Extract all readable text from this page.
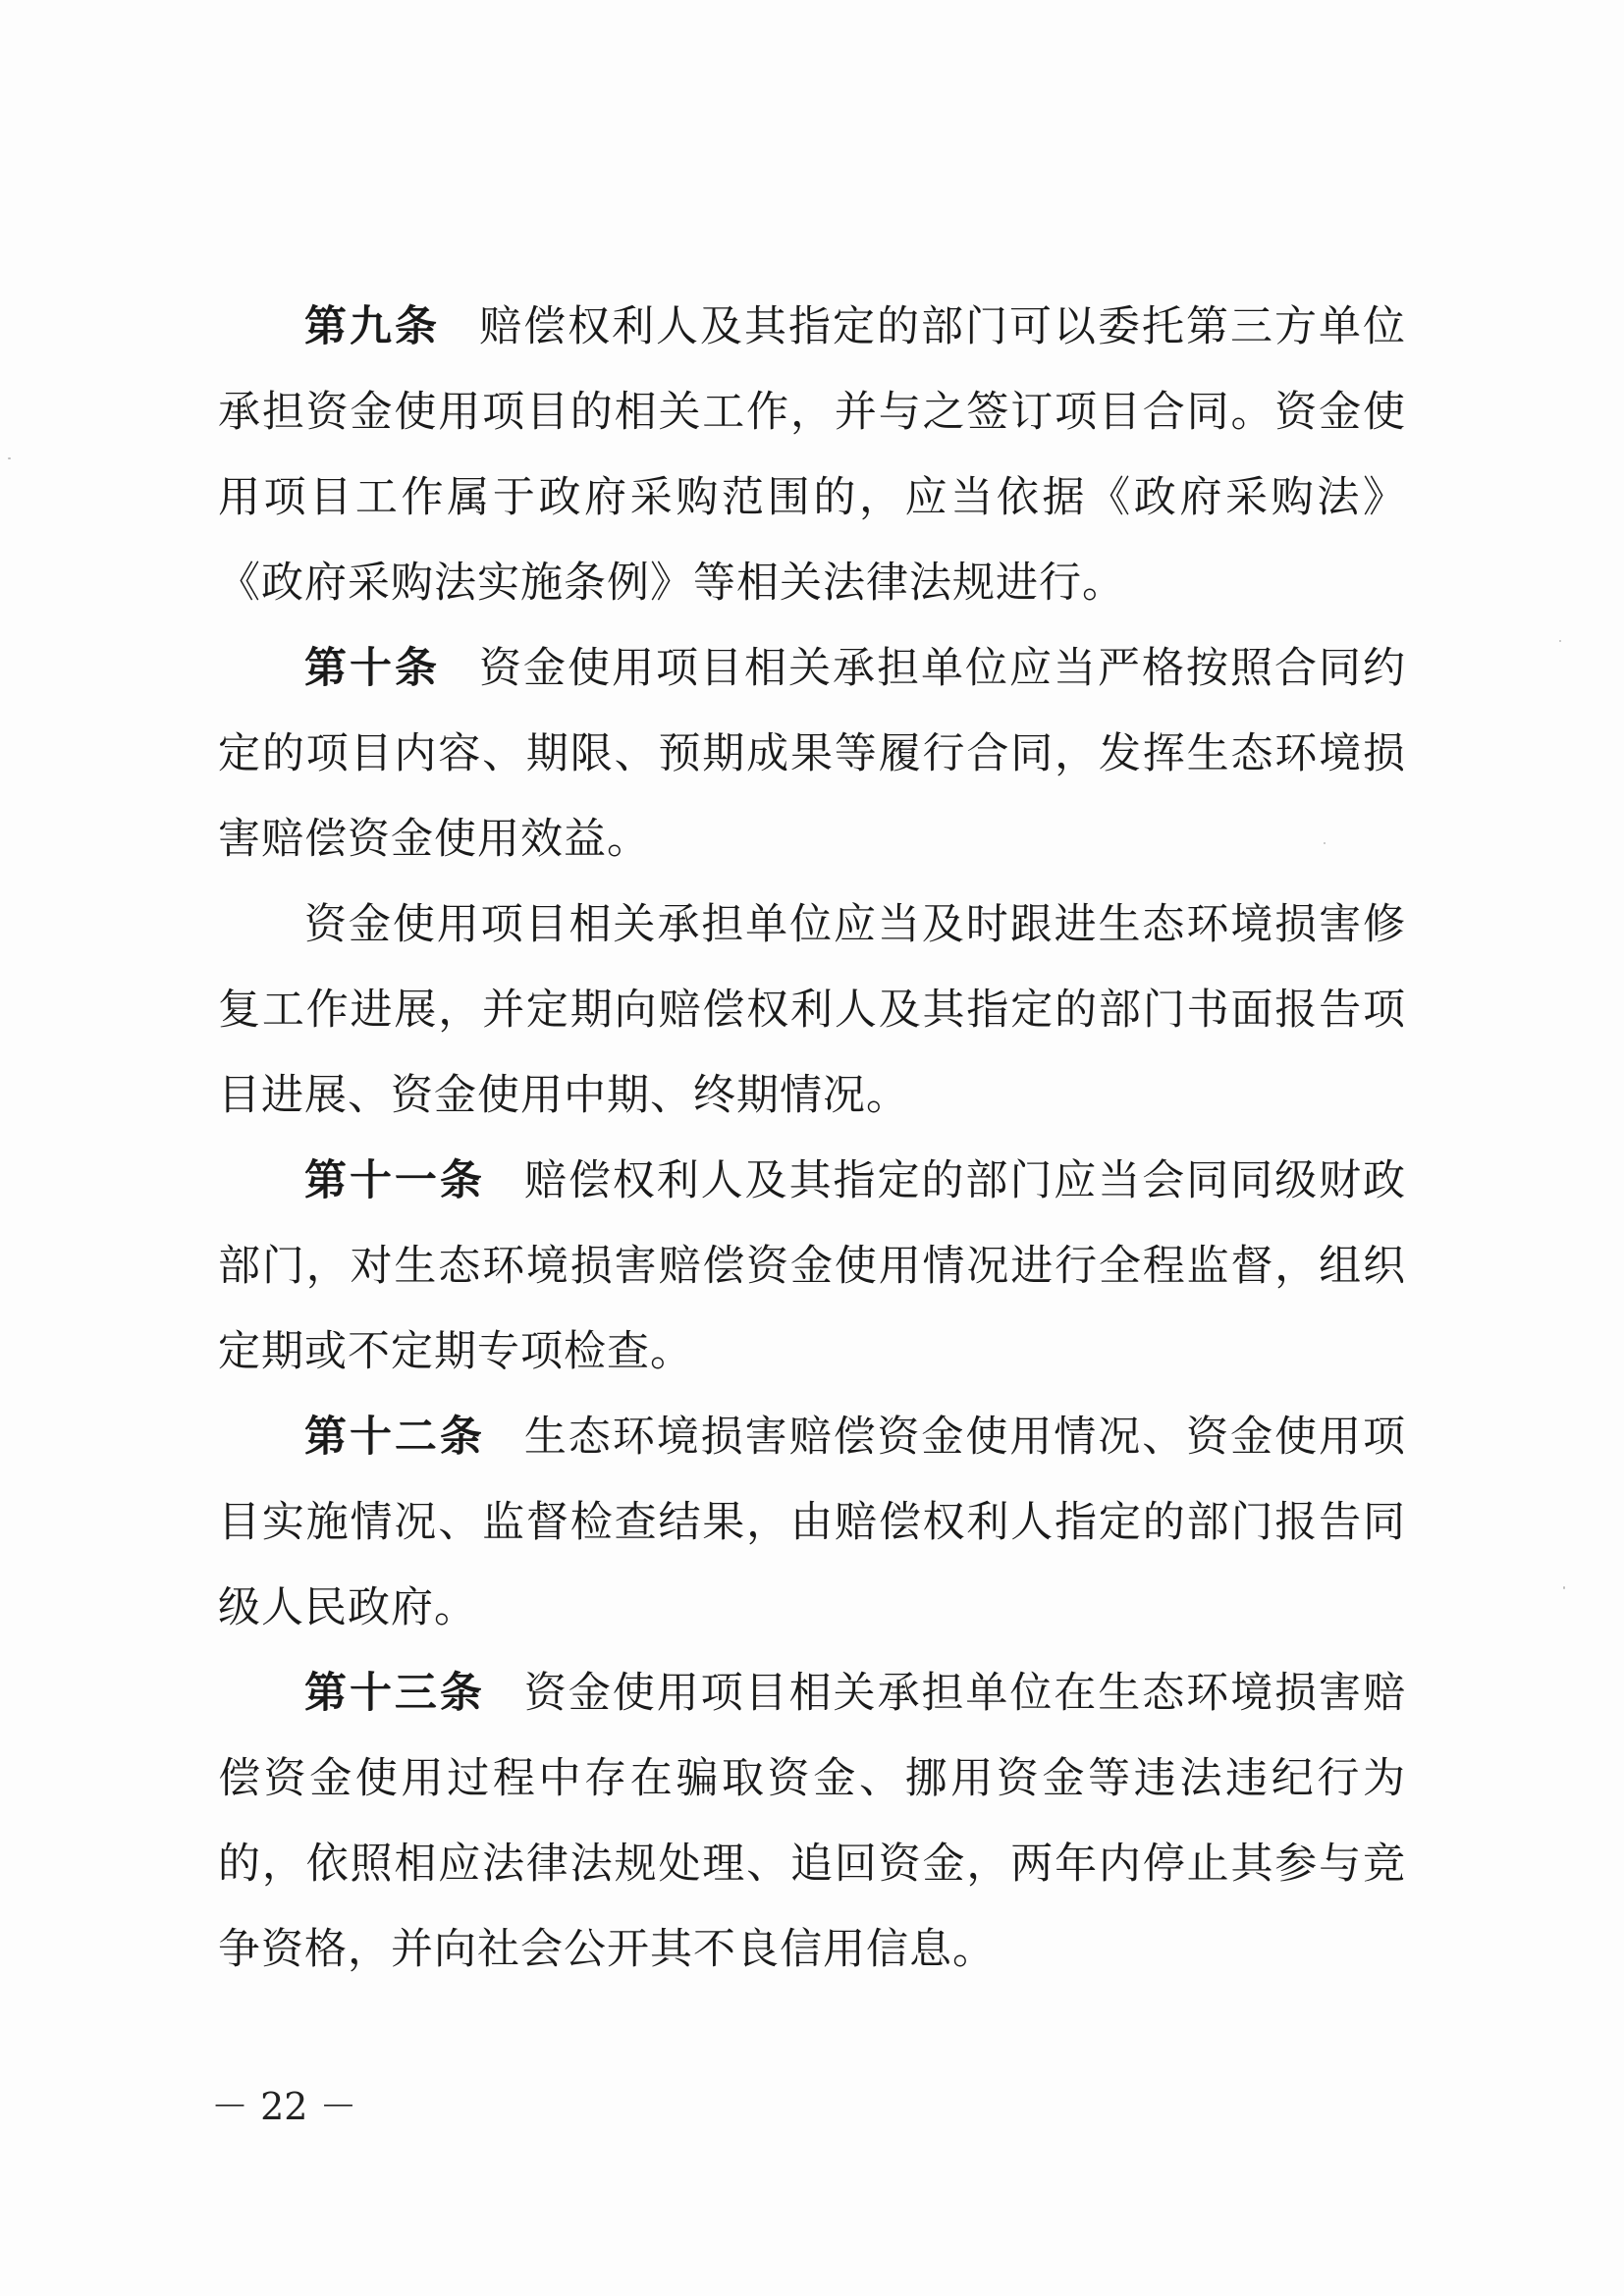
第九条 赔偿权利人及其指定的部门可以委托第三方单位承担资金使用项目的相关工作，并与之签订项目合同。资金使用项目工作属于政府采购范围的，应当依据《政府采购法》《政府采购法实施条例》等相关法律法规进行。

第十条 资金使用项目相关承担单位应当严格按照合同约定的项目内容、期限、预期成果等履行合同，发挥生态环境损害赔偿资金使用效益。

资金使用项目相关承担单位应当及时跟进生态环境损害修复工作进展，并定期向赔偿权利人及其指定的部门书面报告项目进展、资金使用中期、终期情况。

第十一条 赔偿权利人及其指定的部门应当会同同级财政部门，对生态环境损害赔偿资金使用情况进行全程监督，组织定期或不定期专项检查。

第十二条 生态环境损害赔偿资金使用情况、资金使用项目实施情况、监督检查结果，由赔偿权利人指定的部门报告同级人民政府。

第十三条 资金使用项目相关承担单位在生态环境损害赔偿资金使用过程中存在骗取资金、挪用资金等违法违纪行为的，依照相应法律法规处理、追回资金，两年内停止其参与竞争资格，并向社会公开其不良信用信息。

－ 22 －
